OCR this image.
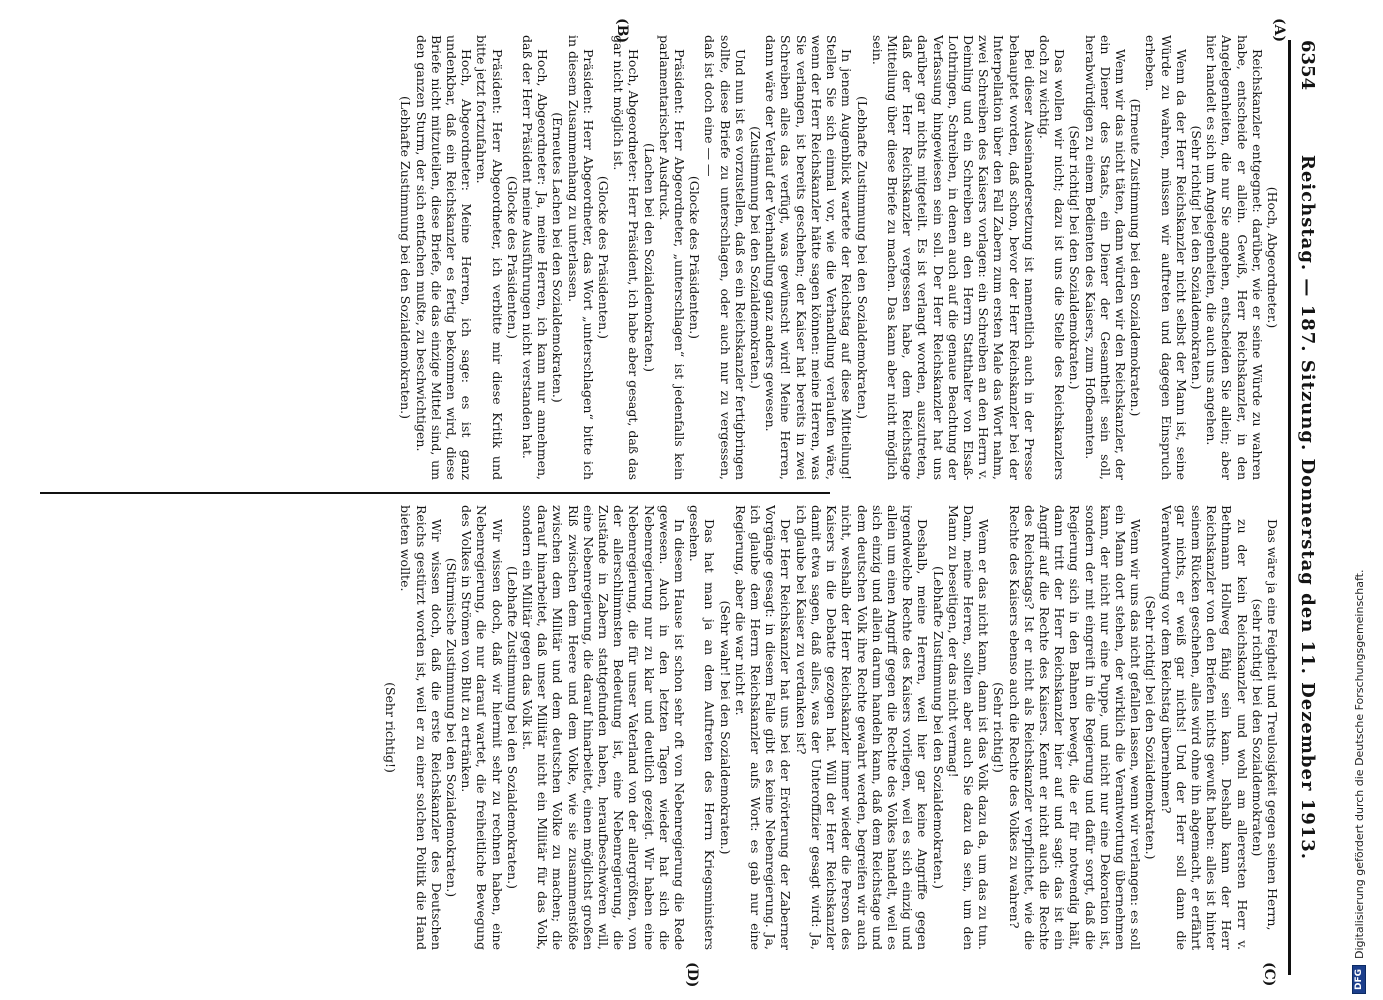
6354
Reichstag. — 187. Sitzung. Donnerstag den 11. Dezember 1913.
(A)
(B)
(C)
(D)

(Hoch, Abgeordneter.)

Reichskanzler entgegnet: darüber, wie er seine Würde zu wahren habe, entscheide er allein. Gewiß, Herr Reichskanzler, in den Angelegenheiten, die nur Sie angehen, entscheiden Sie allein; aber hier handelt es sich um Angelegenheiten, die auch uns angehen.

(Sehr richtig! bei den Sozialdemokraten.)

Wenn da der Herr Reichskanzler nicht selbst der Mann ist, seine Würde zu wahren, müssen wir auftreten und dagegen Einspruch erheben.

(Erneute Zustimmung bei den Sozialdemokraten.)

Wenn wir das nicht täten, dann würden wir den Reichskanzler, der ein Diener des Staats, ein Diener der Gesamtheit sein soll, herabwürdigen zu einem Bedienten des Kaisers, zum Hofbeamten.

(Sehr richtig! bei den Sozialdemokraten.)

Das wollen wir nicht; dazu ist uns die Stelle des Reichskanzlers doch zu wichtig.

Bei dieser Auseinandersetzung ist namentlich auch in der Presse behauptet worden, daß schon, bevor der Herr Reichskanzler bei der Interpellation über den Fall Zabern zum ersten Male das Wort nahm, zwei Schreiben des Kaisers vorlagen: ein Schreiben an den Herrn v. Deimling und ein Schreiben an den Herrn Statthalter von Elsaß-Lothringen, Schreiben, in denen auch auf die genaue Beachtung der Verfassung hingewiesen sein soll. Der Herr Reichskanzler hat uns darüber gar nichts mitgeteilt. Es ist verlangt worden, auszutreten, daß der Herr Reichskanzler vergessen habe, dem Reichstage Mitteilung über diese Briefe zu machen. Das kann aber nicht möglich sein.

(Lebhafte Zustimmung bei den Sozialdemokraten.)

In jenem Augenblick wartete der Reichstag auf diese Mitteilung! Stellen Sie sich einmal vor, wie die Verhandlung verlaufen wäre, wenn der Herr Reichskanzler hätte sagen können: meine Herren, was Sie verlangen, ist bereits geschehen; der Kaiser hat bereits in zwei Schreiben alles das verfügt, was gewünscht wird! Meine Herren, dann wäre der Verlauf der Verhandlung ganz anders gewesen.

(Zustimmung bei den Sozialdemokraten.)

Und nun ist es vorzustellen, daß es ein Reichskanzler fertigbringen sollte, diese Briefe zu unterschlagen, oder auch nur zu vergessen, daß ist doch eine — —

(Glocke des Präsidenten.)

Präsident: Herr Abgeordneter, „unterschlagen“ ist jedenfalls kein parlamentarischer Ausdruck.

(Lachen bei den Sozialdemokraten.)

Hoch, Abgeordneter: Herr Präsident, ich habe aber gesagt, daß das gar nicht möglich ist.

(Glocke des Präsidenten.)

Präsident: Herr Abgeordneter, das Wort „unterschlagen“ bitte ich in diesem Zusammenhang zu unterlassen.

(Erneutes Lachen bei den Sozialdemokraten.)

Hoch, Abgeordneter: Ja, meine Herren, ich kann nur annehmen, daß der Herr Präsident meine Ausführungen nicht verstanden hat.

(Glocke des Präsidenten.)

Präsident: Herr Abgeordneter, ich verbitte mir diese Kritik und bitte jetzt fortzufahren.

Hoch, Abgeordneter: Meine Herren, ich sage: es ist ganz undenkbar, daß ein Reichskanzler es fertig bekommen wird, diese Briefe nicht mitzuteilen, diese Briefe, die das einzige Mittel sind, um den ganzen Sturm, der sich entfachen mußte, zu beschwichtigen.

(Lebhafte Zustimmung bei den Sozialdemokraten.)

Das wäre ja eine Feigheit und Treulosigkeit gegen seinen Herrn,

(sehr richtig! bei den Sozialdemokraten)

zu der kein Reichskanzler und wohl am allerersten Herr v. Bethmann Hollweg fähig sein kann. Deshalb kann der Herr Reichskanzler von den Briefen nichts gewußt haben: alles ist hinter seinem Rücken geschehen, alles wird ohne ihn abgemacht, er erfährt gar nichts, er weiß gar nichts! Und der Herr soll dann die Verantwortung vor dem Reichstag übernehmen?

(Sehr richtig! bei den Sozialdemokraten.)

Wenn wir uns das nicht gefallen lassen, wenn wir verlangen: es soll ein Mann dort stehen, der wirklich die Verantwortung übernehmen kann, der nicht nur eine Puppe, und nicht nur eine Dekoration ist, sondern der mit eingreift in die Regierung und dafür sorgt, daß die Regierung sich in den Bahnen bewegt, die er für notwendig hält, dann tritt der Herr Reichskanzler hier auf und sagt: das ist ein Angriff auf die Rechte des Kaisers. Kennt er nicht auch die Rechte des Reichstags? Ist er nicht als Reichskanzler verpflichtet, wie die Rechte des Kaisers ebenso auch die Rechte des Volkes zu wahren?

(Sehr richtig!)

Wenn er das nicht kann, dann ist das Volk dazu da, um das zu tun. Dann, meine Herren, sollten aber auch Sie dazu da sein, um den Mann zu beseitigen, der das nicht vermag!

(Lebhafte Zustimmung bei den Sozialdemokraten.)

Deshalb, meine Herren, weil hier gar keine Angriffe gegen irgendwelche Rechte des Kaisers vorliegen, weil es sich einzig und allein um einen Angriff gegen die Rechte des Volkes handelt, weil es sich einzig und allein darum handeln kann, daß dem Reichstage und dem deutschen Volk ihre Rechte gewahrt werden, begreifen wir auch nicht, weshalb der Herr Reichskanzler immer wieder die Person des Kaisers in die Debatte gezogen hat. Will der Herr Reichskanzler damit etwa sagen, daß alles, was der Unteroffizier gesagt wird: Ja, ich glaube bei Kaiser zu verdanken ist?

Der Herr Reichskanzler hat uns bei der Erörterung der Zaberner Vorgänge gesagt: in diesem Falle gibt es keine Nebenregierung. Ja, ich glaube dem Herrn Reichskanzler aufs Wort: es gab nur eine Regierung, aber die war nicht er.

(Sehr wahr! bei den Sozialdemokraten.)

Das hat man ja an dem Auftreten des Herrn Kriegsministers gesehen.

In diesem Hause ist schon sehr oft von Nebenregierung die Rede gewesen. Auch in den letzten Tagen wieder hat sich die Nebenregierung nur zu klar und deutlich gezeigt. Wir haben eine Nebenregierung, die für unser Vaterland von der allergrößten, von der allerschlimmsten Bedeutung ist, eine Nebenregierung, die Zustände in Zabern stattgefunden haben, heraufbeschwören will, eine Nebenregierung, die darauf hinarbeitet, einen möglichst großen Riß zwischen dem Heere und dem Volke, wie sie zusammenstöße zwischen dem Militär und dem deutschen Volke zu machen; die darauf hinarbeitet, daß unser Militär nicht ein Militär für das Volk, sondern ein Militär gegen das Volk ist.

(Lebhafte Zustimmung bei den Sozialdemokraten.)

Wir wissen doch, daß wir hiermit sehr zu rechnen haben, eine Nebenregierung, die nur darauf wartet, die freiheitliche Bewegung des Volkes in Strömen von Blut zu ertränken.

(Stürmische Zustimmung bei den Sozialdemokraten.)

Wir wissen doch, daß die erste Reichskanzler des Deutschen Reichs gestürzt worden ist, weil er zu einer solchen Politik die Hand bieten wollte.

(Sehr richtig!)

DFG
Digitalisierung gefördert durch die Deutsche Forschungsgemeinschaft.
